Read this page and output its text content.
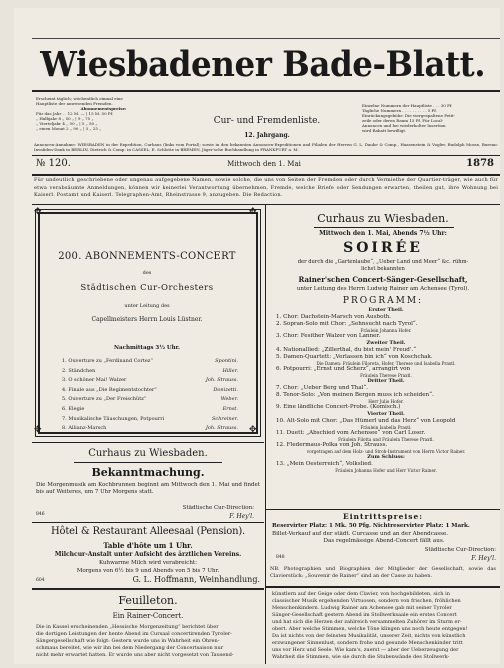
Wiesbadener Bade-Blatt.
Erscheint täglich; wöchentlich einmal eine
Hauptliste der anwesenden Fremden.
Abonnementspreise:
Für das Jahr . . 12 M. — | 15 M. 50 Pf.
„ Halbjahr 8 „ 50 „ | 9 „ 75 „
„ Vierteljahr 4 „ 50 „ | 5 „ 50 „
„ einen Monat 2 „ 90 „ | 3 „ 25 „
Cur- und Fremdenliste.
12. Jahrgang.
Einzelne Nummern der Hauptliste . . . 30 Pf.
Tägliche Nummern . . . . . . . . . . 5 Pf.
Einrückungsgebühr: Die viergespaltene Petit-
zeile oder deren Raum 15 Pf. Für Local-
Annoncen und bei wiederholter Insertion
wird Rabatt bewilligt.
Annoncen-Annahme: WIESBADEN in der Expedition, Curhaus (links vom Portal); sowie in den bekannten Annoncen-Expeditionen und Filialen der Herren G. L. Daube & Comp., Haasenstein & Vogler, Rudolph Mosse, Bureau: Invaliden-Dank in BERLIN, Dietrich & Comp. in CASSEL, E. Schlotte in BREMEN, Jäger'sche Buchhandlung in FRANKFURT a. M.
№ 120.	Mittwoch den 1. Mai	1878
Für undeutlich geschriebene oder ungenau aufgegebene Namen, sowie solche, die uns von Seiten der Fremden oder durch Vermiethe der Quartier-träger, wie auch für etwa verabsäumte Anmeldungen, können wir keinerlei Verantwortung übernehmen. Fremde, welche Briefe oder Sendungen erwarten, theilen gut, ihre Wohnung bei Kaiserl. Postamt und Kaiserl. Telegraphen-Amt, Rheinstrasse 9, anzugeben. Die Redaction.
✥	✥
✥	✥
200. ABONNEMENTS-CONCERT
des
Städtischen Cur-Orchesters
unter Leitung des
Capellmeisters Herrn Louis Lüstner.
Nachmittags 3½ Uhr.
1. Ouverture zu „Ferdinand Cortez“	Spontini.
2. Ständchen	Hiller.
3. O schöner Mai! Walzer	Joh. Strauss.
4. Finale aus „Die Regimentstochter“	Donizetti.
5. Ouverture zu „Der Freischütz“	Weber.
6. Elegie	Ernst.
7. Musikalische Täuschungen, Potpourri	Schreiner.
8. Allianz-Marsch	Joh. Strauss.
Curhaus zu Wiesbaden.
Bekanntmachung.
Die Morgenmusik am Kochbrunnen beginnt am Mittwoch den 1. Mai und findet bis auf Weiteres, um 7 Uhr Morgens statt.
Städtische Cur-Direction:
F. Hey'l.
846
Hôtel & Restaurant Alleesaal (Pension).
Table d'hôte um 1 Uhr.
Milchcur-Anstalt unter Aufsicht des ärztlichen Vereins.
Kuhwarme Milch wird verabreicht:
Morgens von 6½ bis 9 und Abends von 5 bis 7 Uhr.
604	G. L. Hoffmann, Weinhandlung.
Feuilleton.
Ein Rainer-Concert.
Die in Kassel erscheinenden „Hessische Morgenzeitung“ berichtet über
die dortigen Leistungen der hente Abend im Cursaal concertirenden Tyroler-
Sängergesellschaft wie folgt: Gestern wurde uns in Wahrheit ein Ohren-
schmaus bereitet, wie wir ihn bei dem Niedergang der Concertsaison nur
nicht mehr erwartet hatten. Er wurde uns aber nicht vorgesetzt von Tausend-
Curhaus zu Wiesbaden.
Mittwoch den 1. Mai, Abends 7½ Uhr:
SOIRÉE
der durch die „Gartenlaube“, „Ueber Land und Meer“ &c. rühm-
lichst bekannten
Rainer'schen Concert-Sänger-Gesellschaft,
unter Leitung des Herrn Ludwig Rainer am Achensee (Tyrol).
PROGRAMM:
Erster Theil.
1. Chor: Dachstein-Marsch von Ausboth.
2. Sopran-Solo mit Chor: „Sehnsucht nach Tyrol“.
Fräulein Johanna Hofer.
3. Chor: Fesither Walzer von Lanner.
Zweiter Theil.
4. Nationallied: „Zillerthal, du bist mein' Freud'.“
5. Damen-Quartett: „Verlassen bin ich“ von Koschchak.
Die Damen: Fräulein Filoreta, Hofer, Therese und Isabella Praxtl.
6. Potpourri: „Ernst und Scherz“, arrangirt von
Fräulein Therese Praxtl.
Dritter Theil.
7. Chor: „Ueber Berg und Thal“.
8. Tenor-Solo: „Von meinen Bergen muss ich scheiden“.
Herr Julio Hofer.
9. Eine ländliche Concert-Probe. (Komisch.)
Vierter Theil.
10. Alt-Solo mit Chor: „Das Hümerl und das Herz“ von Leopold
Fräulein Isabella Praxtl.
11. Duett: „Abschied vom Achensee“ von Carl Loser.
Fräulein Filotta und Fräulein Therese Praxtl.
12. Fledermaus-Polka von Joh. Strauss.
vorgetragen auf dem Holz- und Stroh-Instrument von Herrn Victor Rainer.
Zum Schluss:
13. „Mein Oesterreich“, Volkslied.
Fräulein Johanna Hofer und Herr Victor Rainer.
Eintrittspreise:
Reservirter Platz: 1 Mk. 50 Pfg. Nichtreservirter Platz: 1 Mark.
Billet-Verkauf auf der städt. Curcasse und an der Abendcasse.
Das regelmässige Abend-Concert fällt aus.
Städtische Cur-Direction:
848	F. Hey'l.
NB. Photographien und Biographien der Mitglieder der Gesellschaft, sowie das Clavierstück: „Souvenir de Rainer“ sind an der Casse zu haben.
künstlern auf der Geige oder dem Clavier, von hochgebildeten, sich in
classischer Musik ergehenden Virtuosen, sondern von frischen, fröhlichen
Menschenkindern. Ludwig Rainer am Achensee gab mit seiner Tyroler
Sänger-Gesellschaft gestern Abend im Stollwerksaale ein erstes Concert
und hat sich die Herzen der zahlreich versammelten Zuhörer im Sturm er-
obert. Aber welche Stimmen, welche Töne klingen uns noch heute entgegen!
Da ist nichts von der feinsten Musikalität, unserer Zeit, nichts von künstlich
erzwungener Sinnenlust, sondern frohe und gesunde Menschenkinder tritt
uns vor Herz und Seele. Wie kam's, zuerst — aber der Ueberzeugung der
Wahrheit die Stimmen, wie sie durch die Stubenwände des Stollwerk-
